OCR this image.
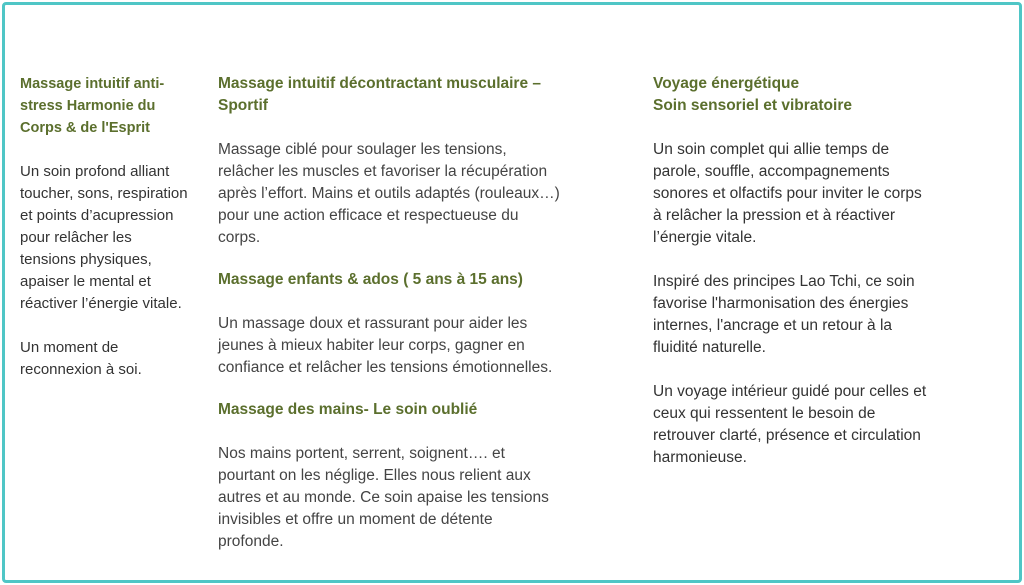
Massage intuitif anti-
stress Harmonie du
Corps & de l'Esprit

Un soin profond alliant
toucher, sons, respiration
et points d’acupression
pour relâcher les
tensions physiques,
apaiser le mental et
réactiver l’énergie vitale.

Un moment de
reconnexion à soi.

Massage intuitif décontractant musculaire –
Sportif

Massage ciblé pour soulager les tensions,
relâcher les muscles et favoriser la récupération
après l’effort. Mains et outils adaptés (rouleaux…)
pour une action efficace et respectueuse du
corps.

Massage enfants & ados ( 5 ans à 15 ans)

Un massage doux et rassurant pour aider les
jeunes à mieux habiter leur corps, gagner en
confiance et relâcher les tensions émotionnelles.

Massage des mains- Le soin oublié

Nos mains portent, serrent, soignent…. et
pourtant on les néglige. Elles nous relient aux
autres et au monde. Ce soin apaise les tensions
invisibles et offre un moment de détente
profonde.

Voyage énergétique
Soin sensoriel et vibratoire

Un soin complet qui allie temps de
parole, souffle, accompagnements
sonores et olfactifs pour inviter le corps
à relâcher la pression et à réactiver
l’énergie vitale.

Inspiré des principes Lao Tchi, ce soin
favorise l'harmonisation des énergies
internes, l'ancrage et un retour à la
fluidité naturelle.

Un voyage intérieur guidé pour celles et
ceux qui ressentent le besoin de
retrouver clarté, présence et circulation
harmonieuse.
